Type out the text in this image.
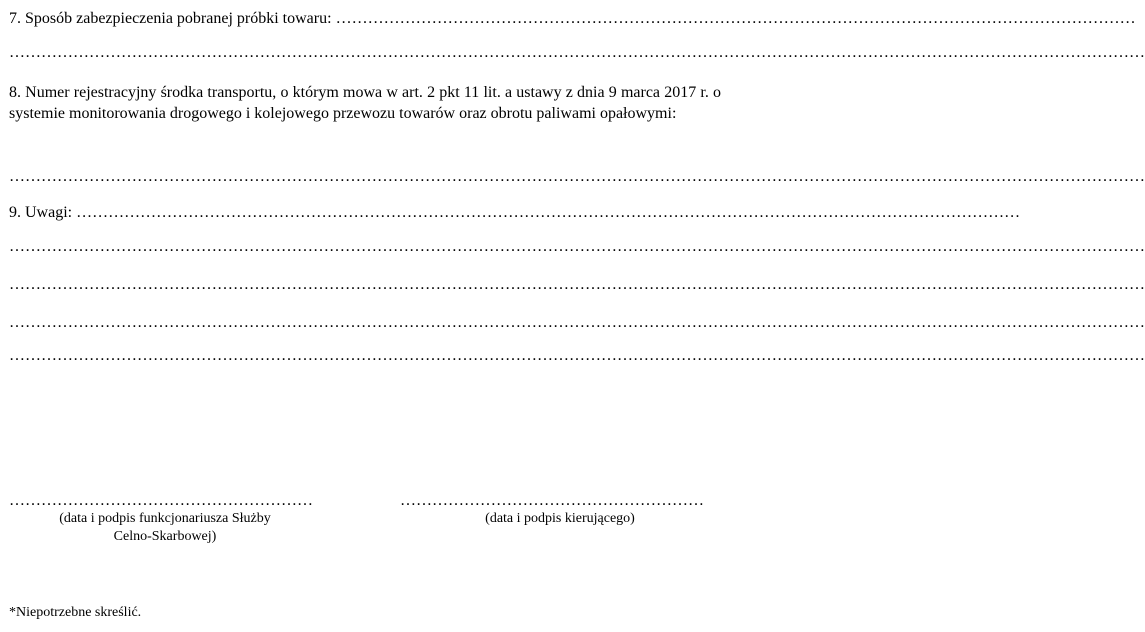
7. Sposób zabezpieczenia pobranej próbki towaru: ……………………………………………………………………………………………………………………………………
……………………………………………………………………………………………………………………………………………………………………………………………
8. Numer rejestracyjny środka transportu, o którym mowa w art. 2 pkt 11 lit. a ustawy z dnia 9 marca 2017 r. o systemie monitorowania drogowego i kolejowego przewozu towarów oraz obrotu paliwami opałowymi:
……………………………………………………………………………………………………………………………………………………………………………………………
9. Uwagi: ……………………………………………………………………………………………………………………………………………………………
……………………………………………………………………………………………………………………………………………………………………………………………
……………………………………………………………………………………………………………………………………………………………………………………………
……………………………………………………………………………………………………………………………………………………………………………………………
……………………………………………………………………………………………………………………………………………………………………………………………
…………………………………………………
(data i podpis funkcjonariusza Służby
Celno-Skarbowej)
…………………………………………………
(data i podpis kierującego)
*Niepotrzebne skreślić.
